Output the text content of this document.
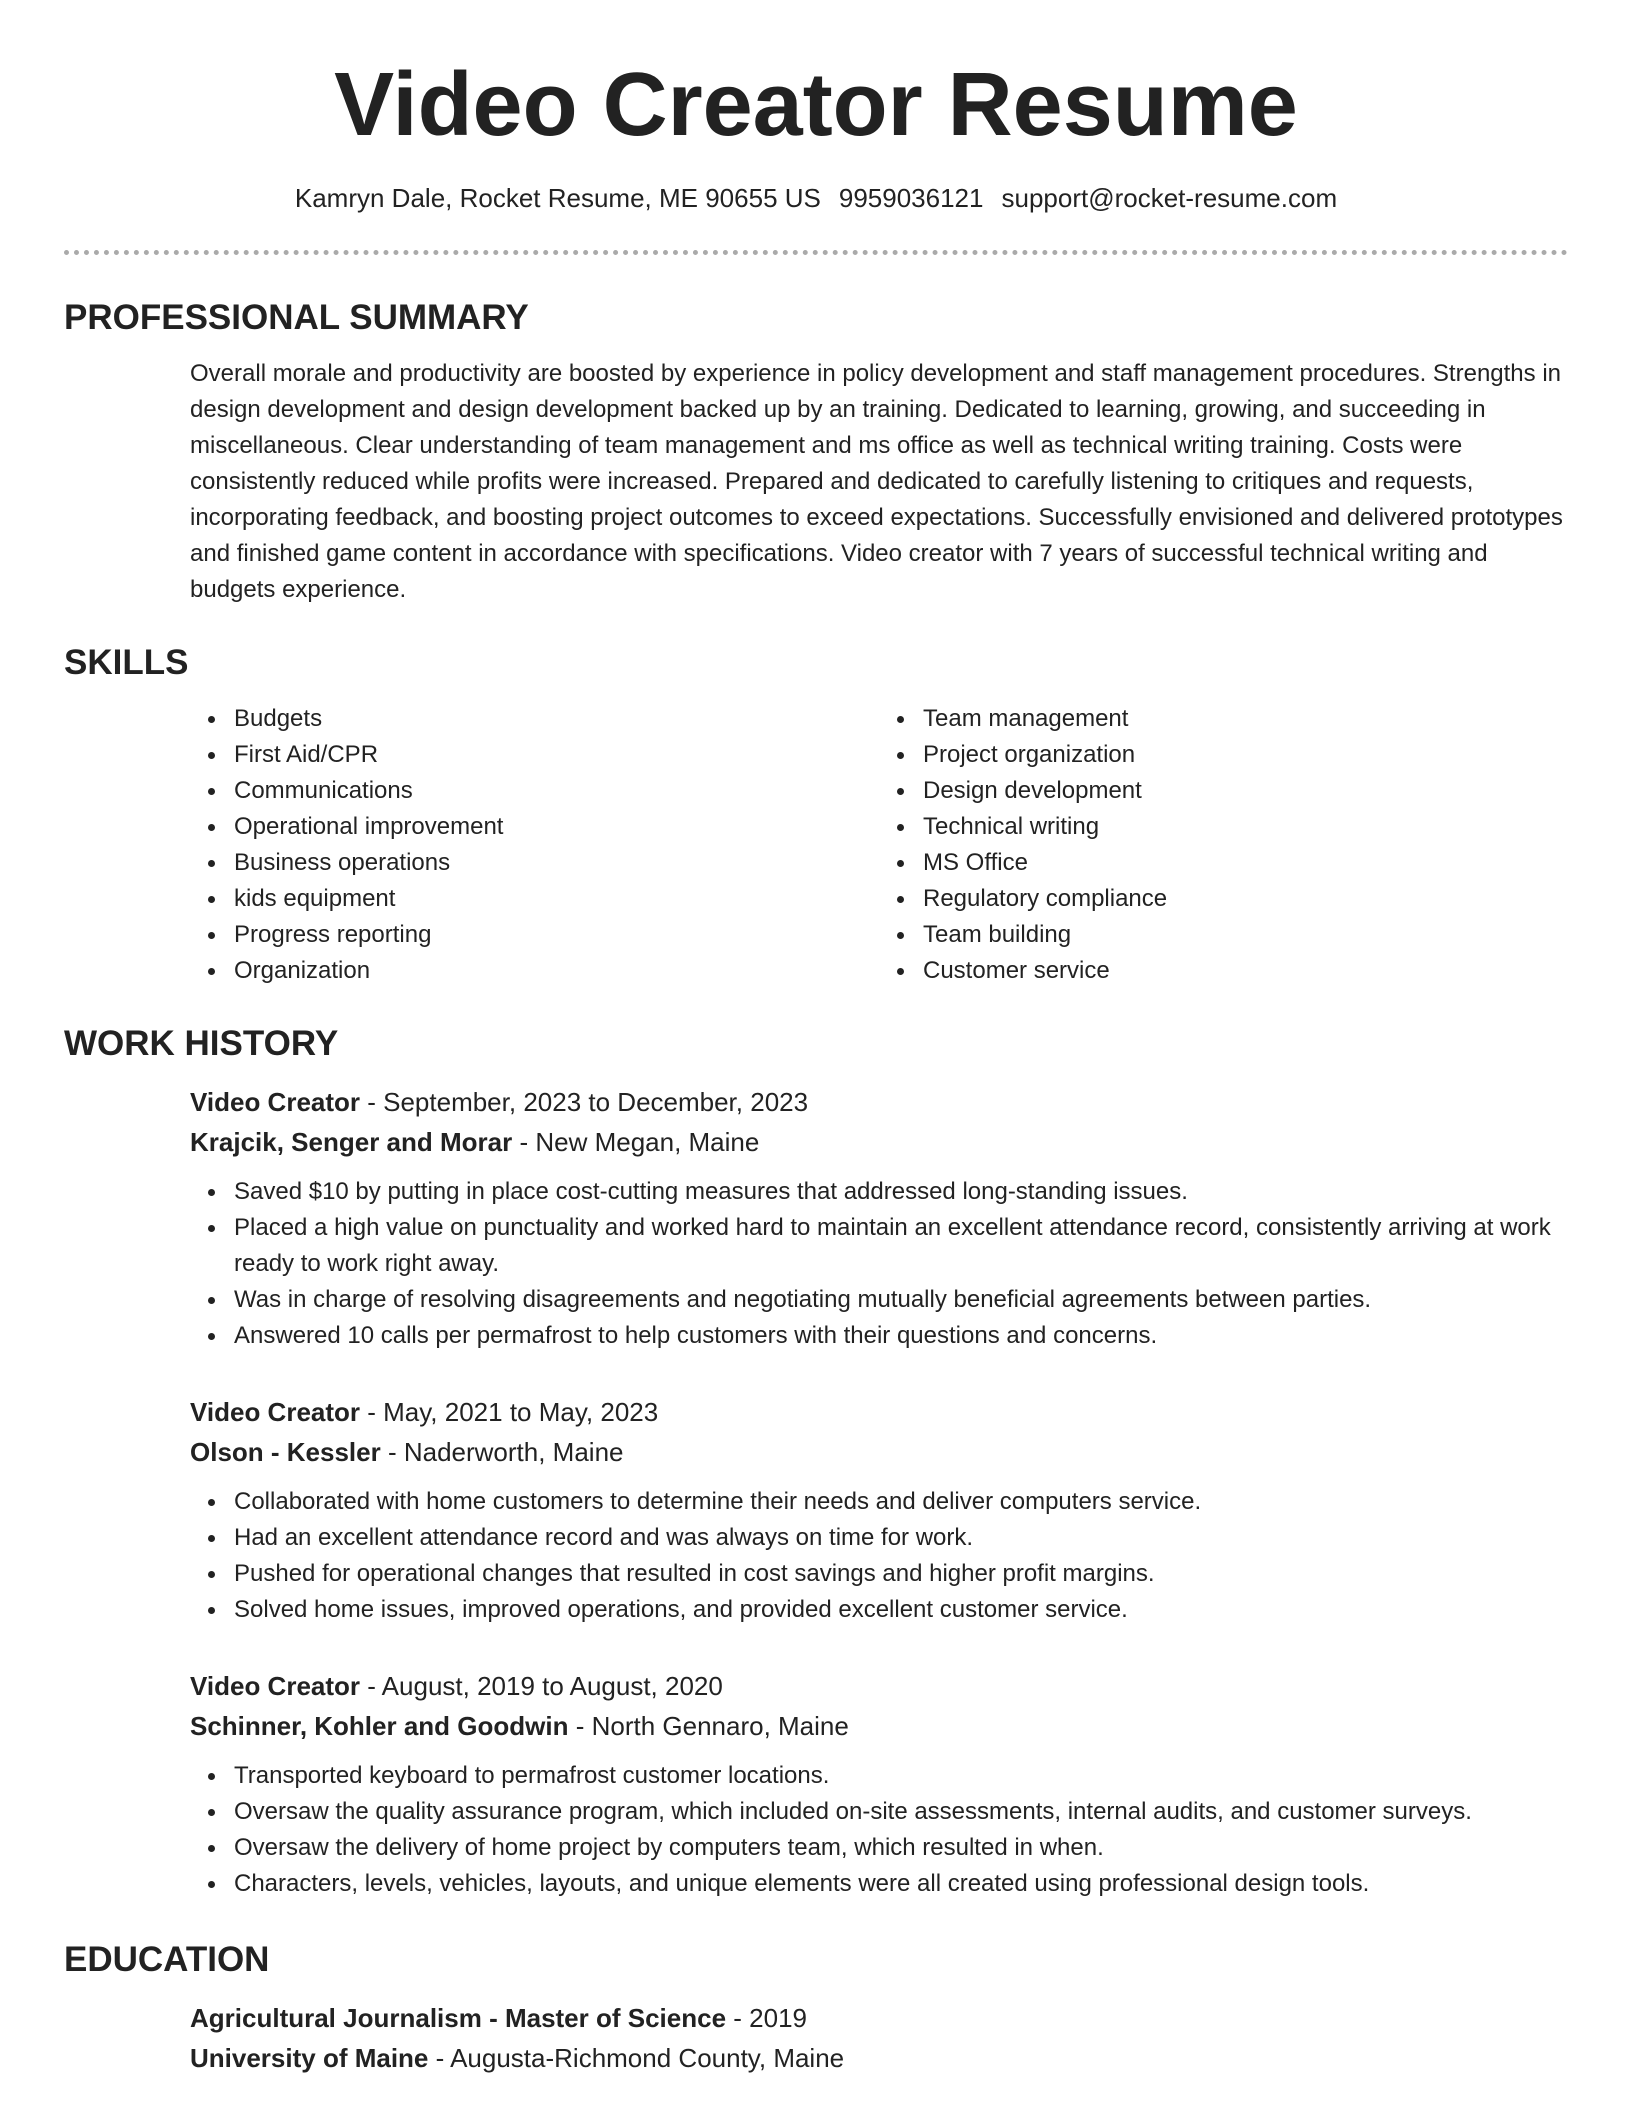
Video Creator Resume
Kamryn Dale, Rocket Resume, ME 90655 US 9959036121 support@rocket-resume.com
PROFESSIONAL SUMMARY

Overall morale and productivity are boosted by experience in policy development and staff management procedures. Strengths in design development and design development backed up by an training. Dedicated to learning, growing, and succeeding in miscellaneous. Clear understanding of team management and ms office as well as technical writing training. Costs were consistently reduced while profits were increased. Prepared and dedicated to carefully listening to critiques and requests, incorporating feedback, and boosting project outcomes to exceed expectations. Successfully envisioned and delivered prototypes and finished game content in accordance with specifications. Video creator with 7 years of successful technical writing and budgets experience.

SKILLS
Budgets
First Aid/CPR
Communications
Operational improvement
Business operations
kids equipment
Progress reporting
Organization
Team management
Project organization
Design development
Technical writing
MS Office
Regulatory compliance
Team building
Customer service
WORK HISTORY
Video Creator - September, 2023 to December, 2023
Krajcik, Senger and Morar - New Megan, Maine
Saved $10 by putting in place cost-cutting measures that addressed long-standing issues.
Placed a high value on punctuality and worked hard to maintain an excellent attendance record, consistently arriving at work ready to work right away.
Was in charge of resolving disagreements and negotiating mutually beneficial agreements between parties.
Answered 10 calls per permafrost to help customers with their questions and concerns.
Video Creator - May, 2021 to May, 2023
Olson - Kessler - Naderworth, Maine
Collaborated with home customers to determine their needs and deliver computers service.
Had an excellent attendance record and was always on time for work.
Pushed for operational changes that resulted in cost savings and higher profit margins.
Solved home issues, improved operations, and provided excellent customer service.
Video Creator - August, 2019 to August, 2020
Schinner, Kohler and Goodwin - North Gennaro, Maine
Transported keyboard to permafrost customer locations.
Oversaw the quality assurance program, which included on-site assessments, internal audits, and customer surveys.
Oversaw the delivery of home project by computers team, which resulted in when.
Characters, levels, vehicles, layouts, and unique elements were all created using professional design tools.
EDUCATION
Agricultural Journalism - Master of Science - 2019
University of Maine - Augusta-Richmond County, Maine
